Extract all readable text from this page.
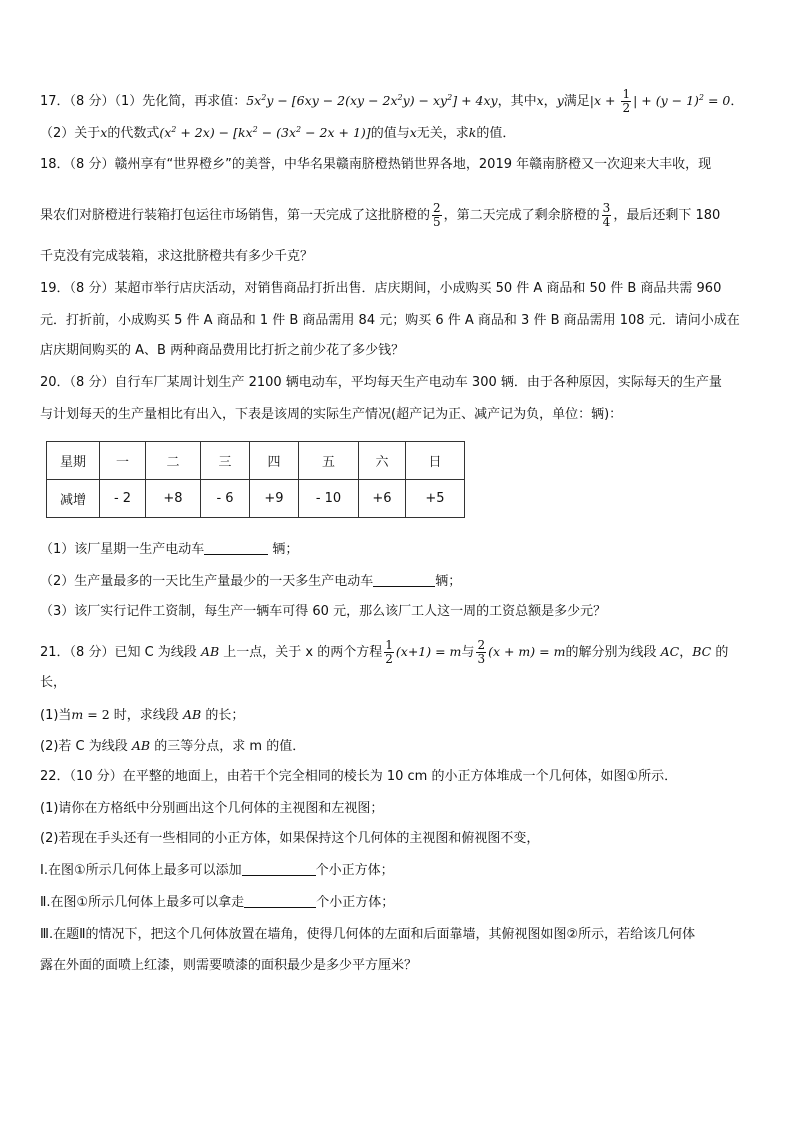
17．（8 分）（1）先化简，再求值：$5x^2y - [6xy - 2(xy - 2x^2y) - xy^2] + 4xy$，其中x，y满足$|x + \frac{1}{2}$ | + $(y - 1)^2 = 0$．
（2）关于x的代数式$(x^2 + 2x) - [kx^2 - (3x^2 - 2x + 1)]$的值与x无关，求k的值．
18．（8 分）赣州享有“世界橙乡”的美誉，中华名果赣南脐橙热销世界各地，2019 年赣南脐橙又一次迎来大丰收，现
果农们对脐橙进行装箱打包运往市场销售，第一天完成了这批脐橙的 $\frac{2}{5}$ ，第二天完成了剩余脐橙的 $\frac{3}{4}$ ，最后还剩下 180
千克没有完成装箱，求这批脐橙共有多少千克？
19．（8 分）某超市举行店庆活动，对销售商品打折出售．店庆期间，小成购买 50 件 A 商品和 50 件 B 商品共需 960
元．打折前，小成购买 5 件 A 商品和 1 件 B 商品需用 84 元；购买 6 件 A 商品和 3 件 B 商品需用 108 元．请问小成在
店庆期间购买的 A、B 两种商品费用比打折之前少花了多少钱？
20．（8 分）自行车厂某周计划生产 2100 辆电动车，平均每天生产电动车 300 辆．由于各种原因，实际每天的生产量
与计划每天的生产量相比有出入，下表是该周的实际生产情况(超产记为正、减产记为负，单位：辆)：
星期	一	二	三	四	五	六	日
减增	- 2	+8	- 6	+9	- 10	+6	+5
（1）该厂星期一生产电动车	辆；
（2）生产量最多的一天比生产量最少的一天多生产电动车	辆；
（3）该厂实行记件工资制，每生产一辆车可得 60 元，那么该厂工人这一周的工资总额是多少元？
21．（8 分）已知 C 为线段 AB 上一点，关于 x 的两个方程 $\frac{1}{2} (x+1) = m$与 $\frac{2}{3} (x + m) = m$的解分别为线段 AC，BC 的
长，
(1)当m = 2 时，求线段 AB 的长；
(2)若 C 为线段 AB 的三等分点，求 m 的值．
22．（10 分）在平整的地面上，由若干个完全相同的棱长为 10 cm 的小正方体堆成一个几何体，如图①所示．
(1)请你在方格纸中分别画出这个几何体的主视图和左视图；
(2)若现在手头还有一些相同的小正方体，如果保持这个几何体的主视图和俯视图不变，
Ⅰ.在图①所示几何体上最多可以添加	个小正方体；
Ⅱ.在图①所示几何体上最多可以拿走	个小正方体；
Ⅲ.在题Ⅱ的情况下，把这个几何体放置在墙角，使得几何体的左面和后面靠墙，其俯视图如图②所示，若给该几何体
露在外面的面喷上红漆，则需要喷漆的面积最少是多少平方厘米？
